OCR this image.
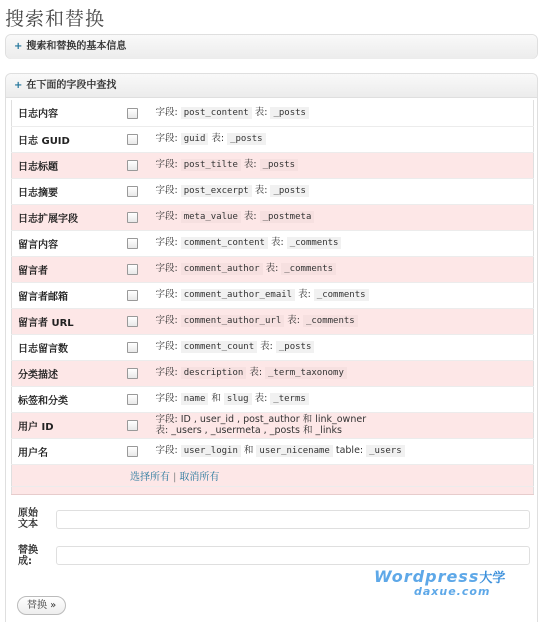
搜索和替换
+ 搜索和替换的基本信息
+ 在下面的字段中查找
日志内容		字段: post_content 表: _posts
日志 GUID		字段: guid 表: _posts
日志标题		字段: post_tilte 表: _posts
日志摘要		字段: post_excerpt 表: _posts
日志扩展字段		字段: meta_value 表: _postmeta
留言内容		字段: comment_content 表: _comments
留言者		字段: comment_author 表: _comments
留言者邮箱		字段: comment_author_email 表: _comments
留言者 URL		字段: comment_author_url 表: _comments
日志留言数		字段: comment_count 表: _posts
分类描述		字段: description 表: _term_taxonomy
标签和分类		字段: name 和 slug 表: _terms
用户 ID		字段: ID , user_id , post_author 和 link_owner
表: _users , _usermeta , _posts 和 _links
用户名		字段: user_login 和 user_nicename table: _users
选择所有 | 取消所有		

原始
文本
替换
成:
替换 »
Wordpress大学
daxue.com
